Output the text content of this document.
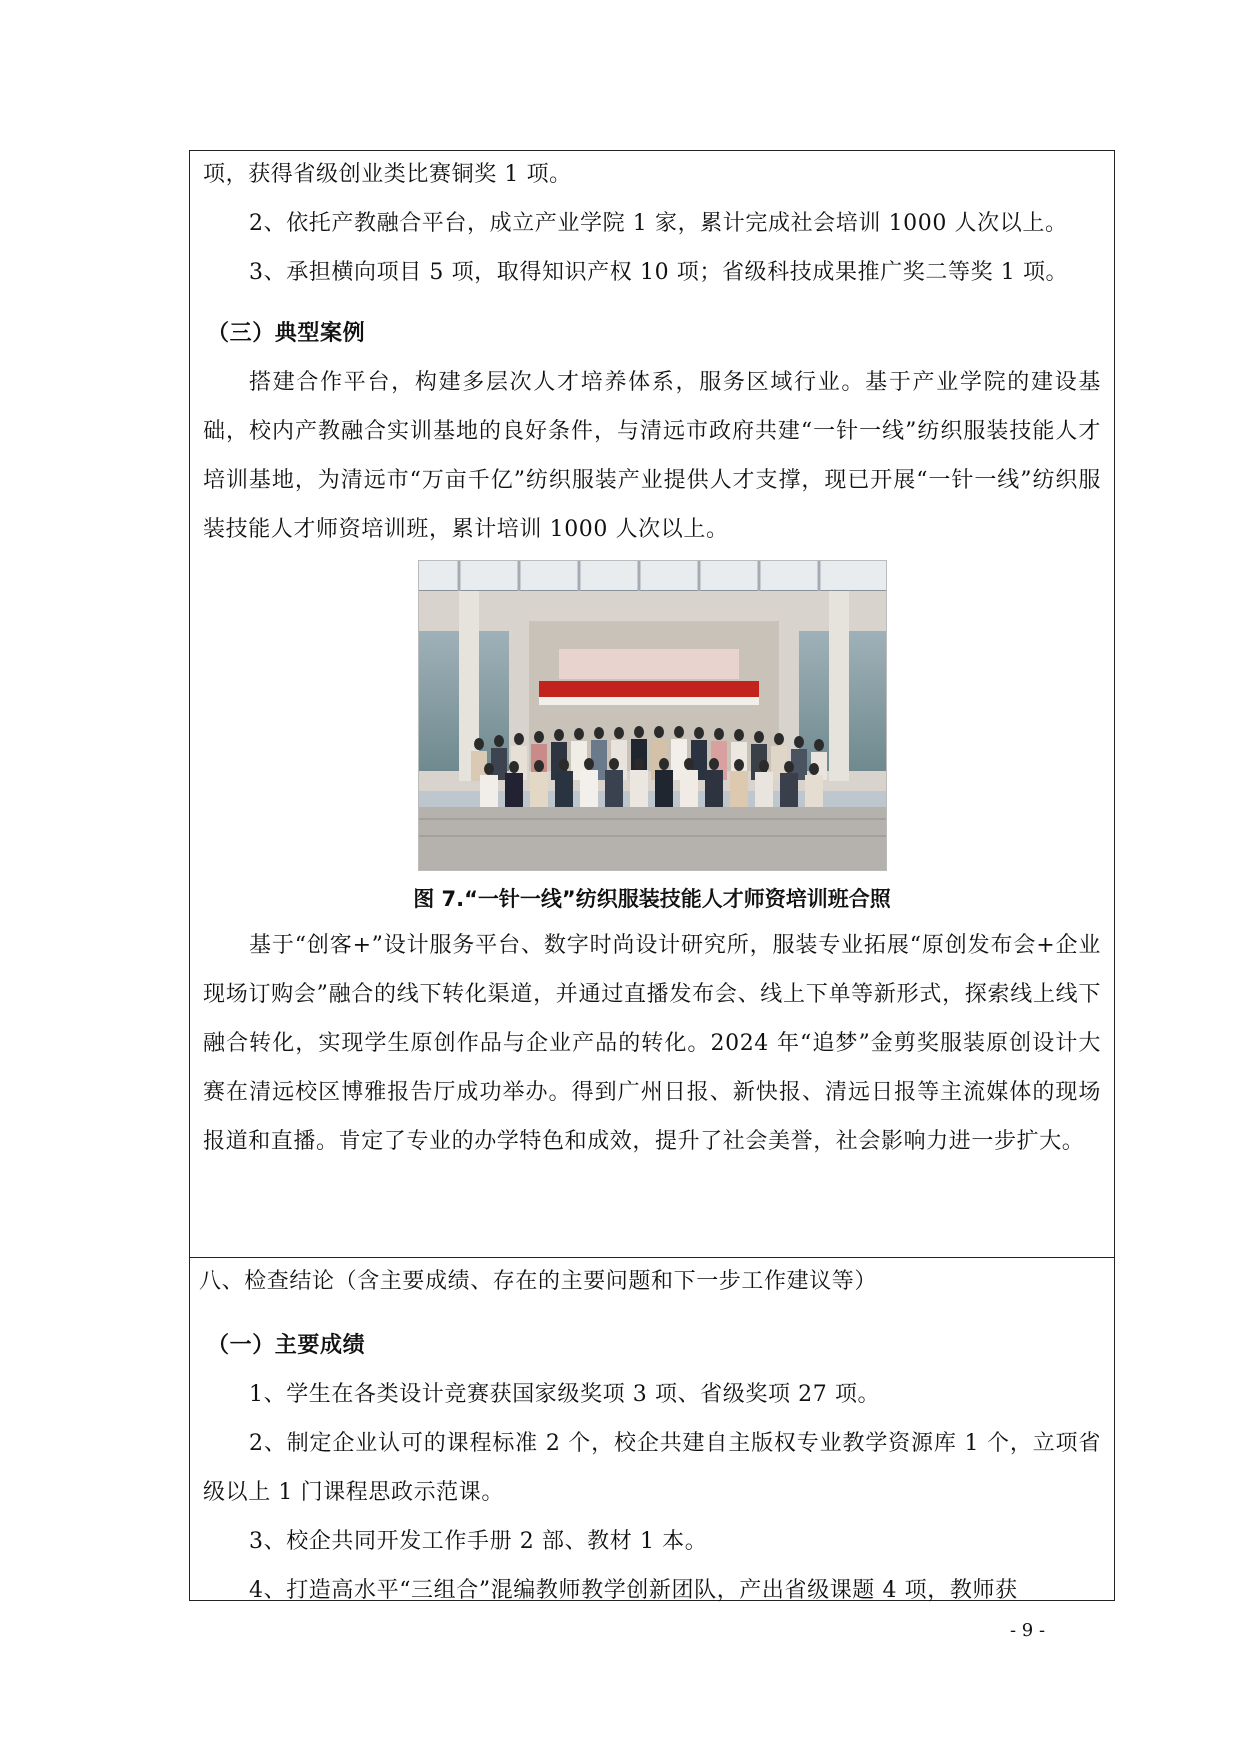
项，获得省级创业类比赛铜奖 1 项。

2、依托产教融合平台，成立产业学院 1 家，累计完成社会培训 1000 人次以上。

3、承担横向项目 5 项，取得知识产权 10 项；省级科技成果推广奖二等奖 1 项。

（三）典型案例

搭建合作平台，构建多层次人才培养体系，服务区域行业。基于产业学院的建设基础，校内产教融合实训基地的良好条件，与清远市政府共建“一针一线”纺织服装技能人才培训基地，为清远市“万亩千亿”纺织服装产业提供人才支撑，现已开展“一针一线”纺织服装技能人才师资培训班，累计培训 1000 人次以上。

图 7.“一针一线”纺织服装技能人才师资培训班合照

基于“创客+”设计服务平台、数字时尚设计研究所，服装专业拓展“原创发布会+企业现场订购会”融合的线下转化渠道，并通过直播发布会、线上下单等新形式，探索线上线下融合转化，实现学生原创作品与企业产品的转化。2024 年“追梦”金剪奖服装原创设计大赛在清远校区博雅报告厅成功举办。得到广州日报、新快报、清远日报等主流媒体的现场报道和直播。肯定了专业的办学特色和成效，提升了社会美誉，社会影响力进一步扩大。

八、检查结论（含主要成绩、存在的主要问题和下一步工作建议等）

（一）主要成绩

1、学生在各类设计竞赛获国家级奖项 3 项、省级奖项 27 项。

2、制定企业认可的课程标准 2 个，校企共建自主版权专业教学资源库 1 个，立项省级以上 1 门课程思政示范课。

3、校企共同开发工作手册 2 部、教材 1 本。

4、打造高水平“三组合”混编教师教学创新团队，产出省级课题 4 项，教师获

- 9 -
